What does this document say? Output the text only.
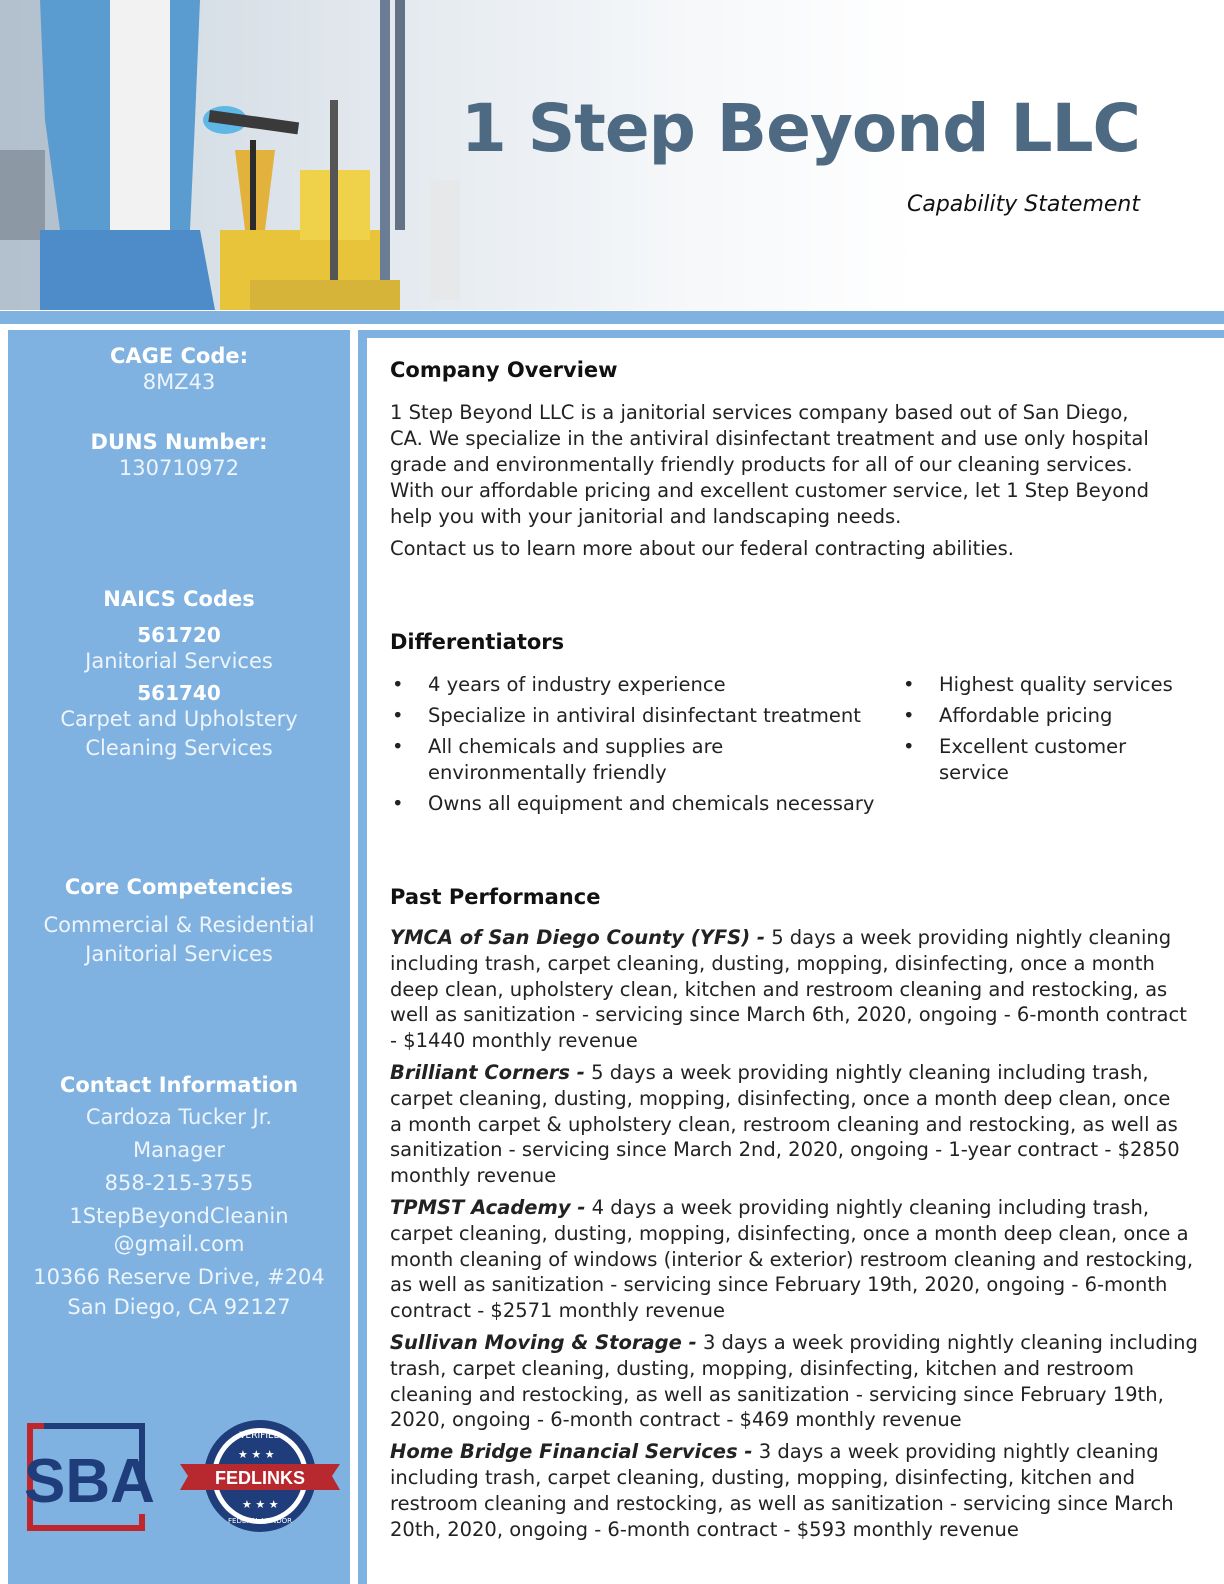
1 Step Beyond LLC
Capability Statement
CAGE Code:
8MZ43
DUNS Number:
130710972
NAICS Codes
561720
Janitorial Services
561740
Carpet and Upholstery
Cleaning Services
Core Competencies
Commercial & Residential
Janitorial Services
Contact Information
Cardoza Tucker Jr.
Manager
858-215-3755
1StepBeyondCleanin
@gmail.com
10366 Reserve Drive, #204
San Diego, CA 92127
SBA
VERIFIED
★ ★ ★
FEDLINKS
★ ★ ★
FEDERAL VENDOR
Company Overview

1 Step Beyond LLC is a janitorial services company based out of San Diego,

CA. We specialize in the antiviral disinfectant treatment and use only hospital

grade and environmentally friendly products for all of our cleaning services.

With our affordable pricing and excellent customer service, let 1 Step Beyond

help you with your janitorial and landscaping needs.

Contact us to learn more about our federal contracting abilities.

Differentiators
• 4 years of industry experience
• Specialize in antiviral disinfectant treatment
• All chemicals and supplies are
environmentally friendly
• Owns all equipment and chemicals necessary
• Highest quality services
• Affordable pricing
• Excellent customer
service
Past Performance
YMCA of San Diego County (YFS) - 5 days a week providing nightly cleaning
including trash, carpet cleaning, dusting, mopping, disinfecting, once a month
deep clean, upholstery clean, kitchen and restroom cleaning and restocking, as
well as sanitization - servicing since March 6th, 2020, ongoing - 6-month contract
- $1440 monthly revenue
Brilliant Corners - 5 days a week providing nightly cleaning including trash,
carpet cleaning, dusting, mopping, disinfecting, once a month deep clean, once
a month carpet & upholstery clean, restroom cleaning and restocking, as well as
sanitization - servicing since March 2nd, 2020, ongoing - 1-year contract - $2850
monthly revenue
TPMST Academy - 4 days a week providing nightly cleaning including trash,
carpet cleaning, dusting, mopping, disinfecting, once a month deep clean, once a
month cleaning of windows (interior & exterior) restroom cleaning and restocking,
as well as sanitization - servicing since February 19th, 2020, ongoing - 6-month
contract - $2571 monthly revenue
Sullivan Moving & Storage - 3 days a week providing nightly cleaning including
trash, carpet cleaning, dusting, mopping, disinfecting, kitchen and restroom
cleaning and restocking, as well as sanitization - servicing since February 19th,
2020, ongoing - 6-month contract - $469 monthly revenue
Home Bridge Financial Services - 3 days a week providing nightly cleaning
including trash, carpet cleaning, dusting, mopping, disinfecting, kitchen and
restroom cleaning and restocking, as well as sanitization - servicing since March
20th, 2020, ongoing - 6-month contract - $593 monthly revenue
